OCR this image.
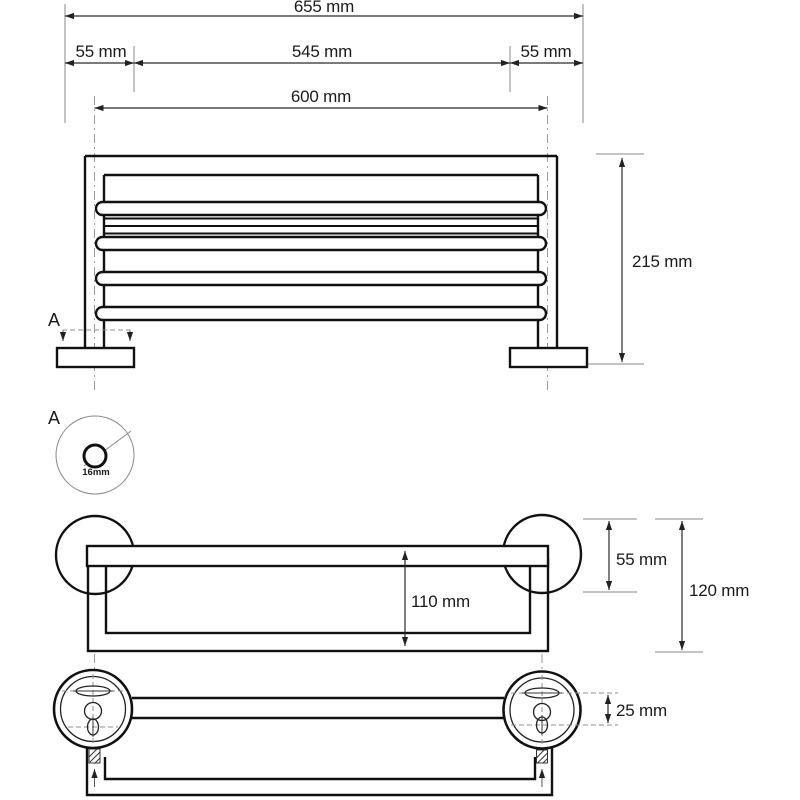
655 mm
55 mm	545 mm	55 mm
600 mm
A
215 mm
A
16mm
110 mm
55 mm
120 mm
25 mm
